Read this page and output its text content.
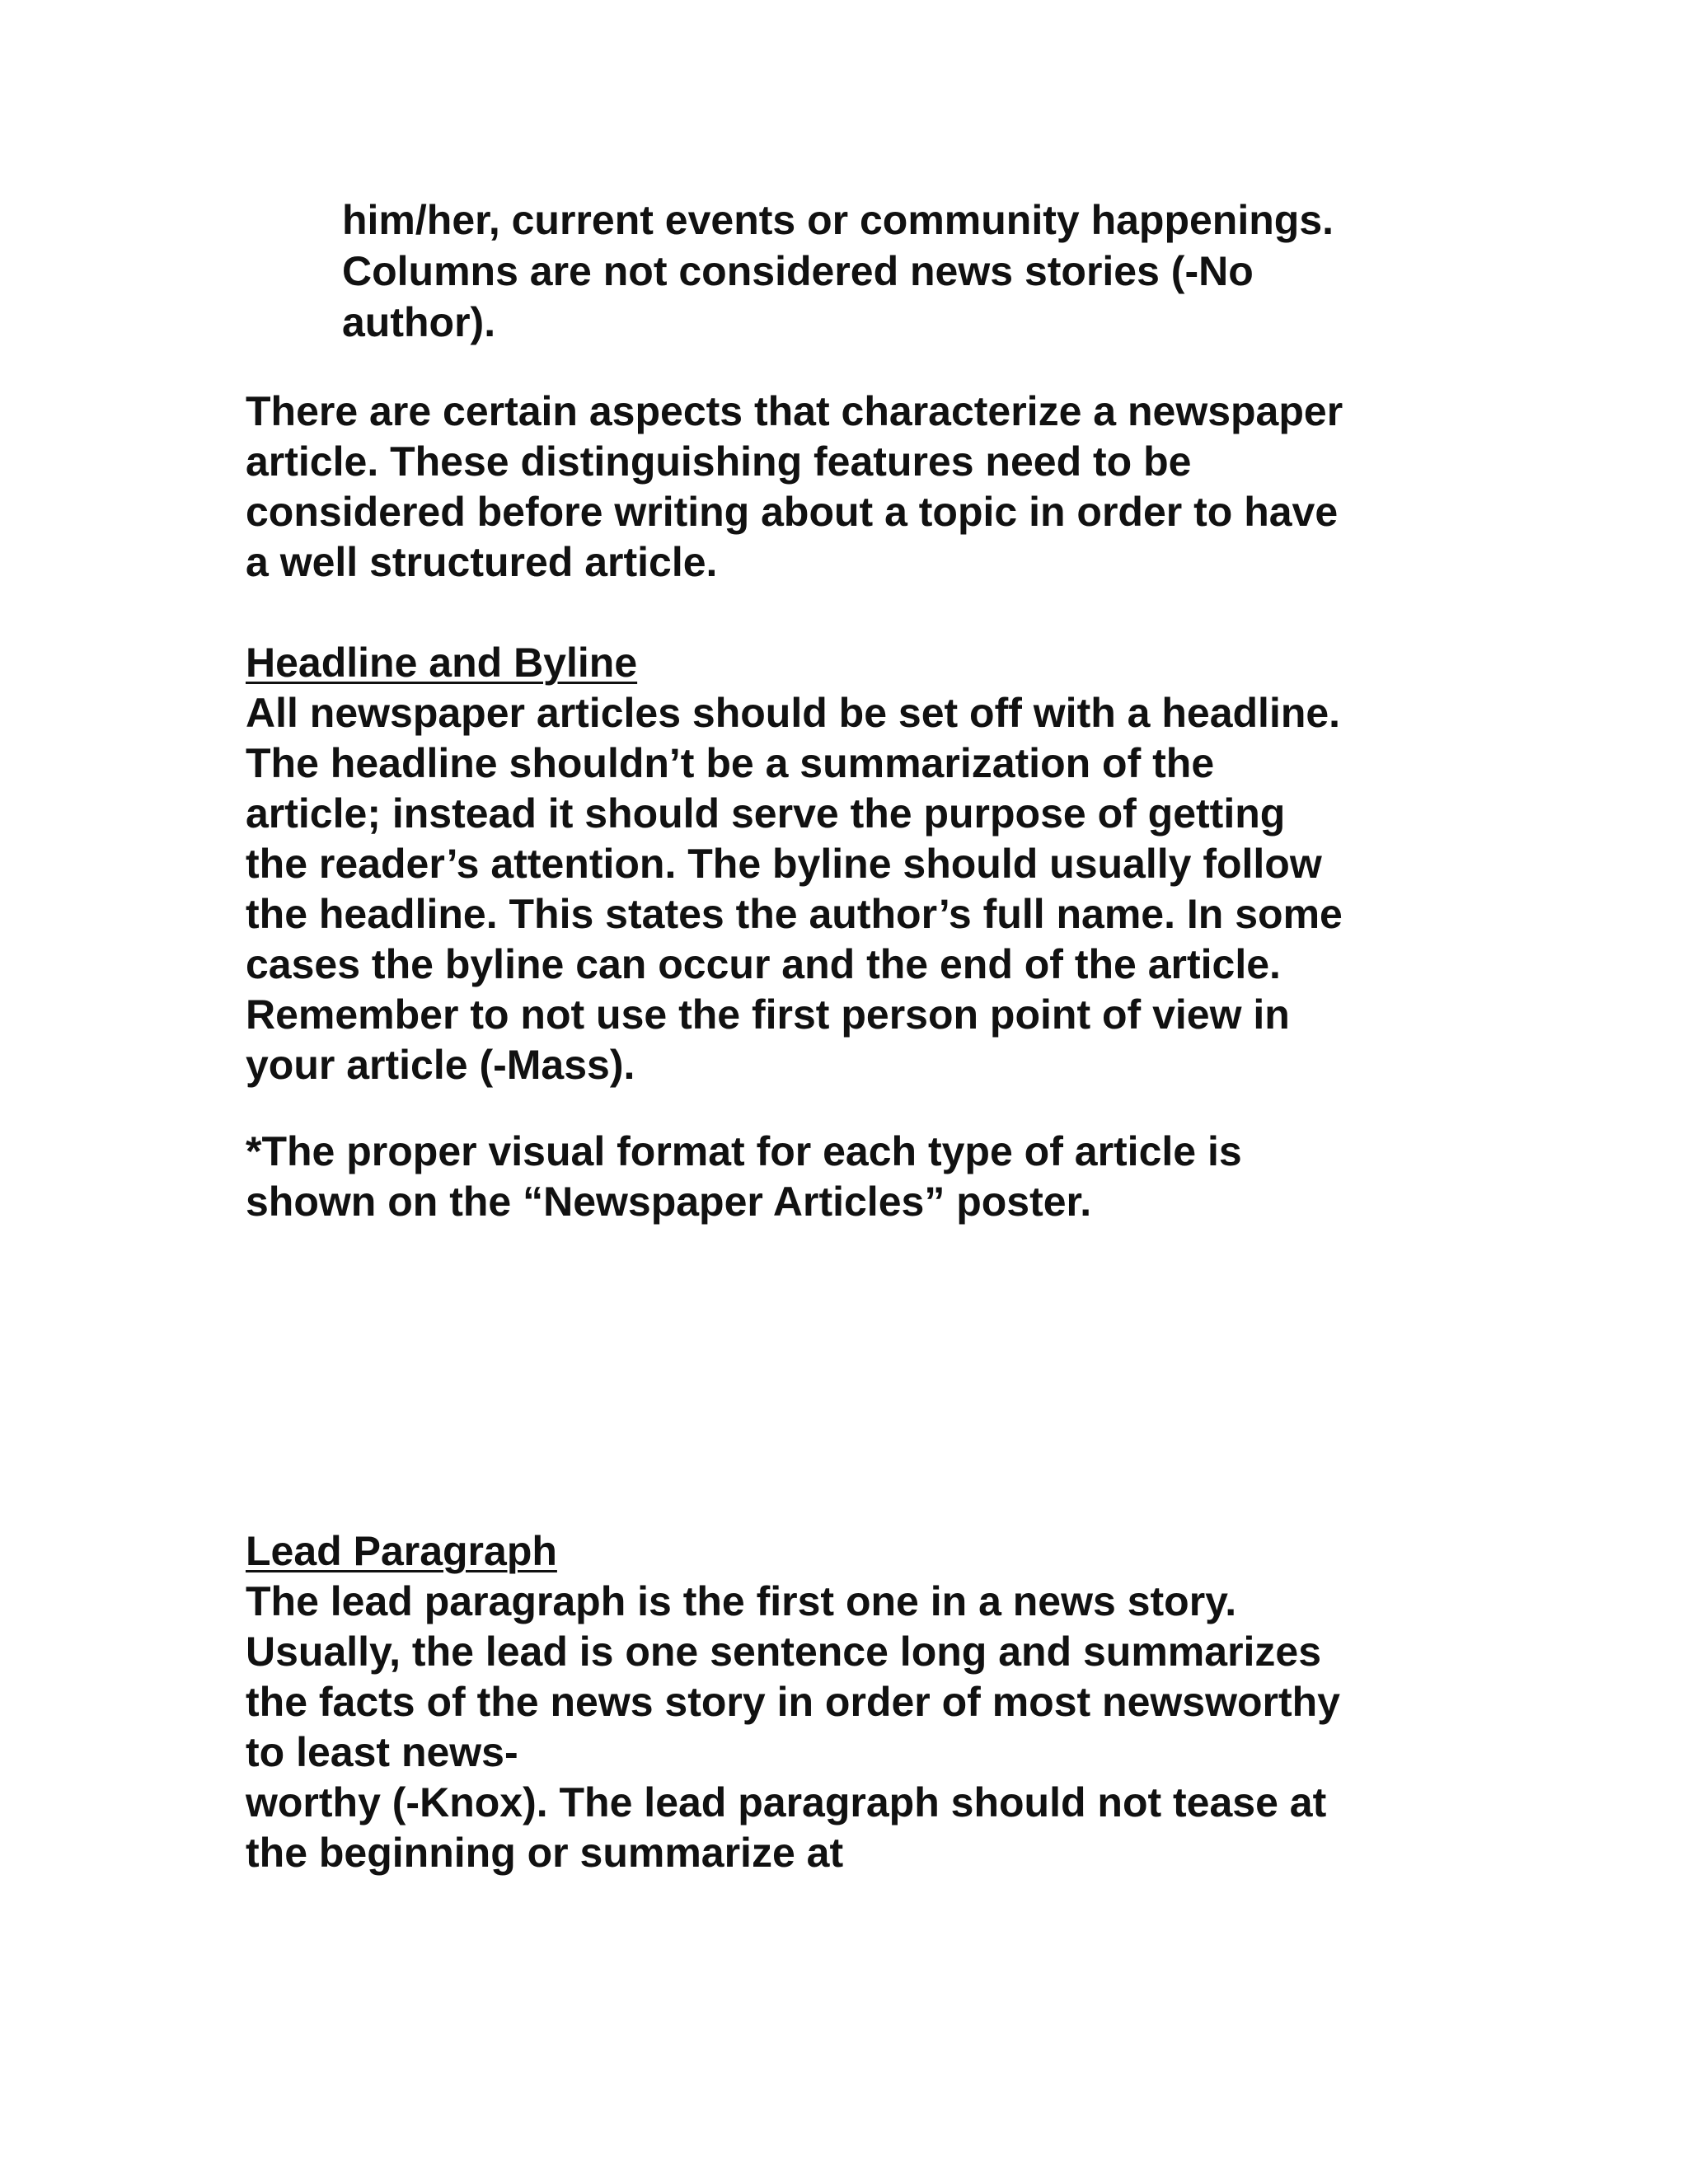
him/her, current events or community happenings.
Columns are not considered news stories (-No
author).
There are certain aspects that characterize a newspaper
article. These distinguishing features need to be
considered before writing about a topic in order to have
a well structured article.
Headline and Byline
All newspaper articles should be set off with a headline.
The headline shouldn’t be a summarization of the
article; instead it should serve the purpose of getting
the reader’s attention. The byline should usually follow
the headline. This states the author’s full name. In some
cases the byline can occur and the end of the article.
Remember to not use the first person point of view in
your article (-Mass).
*The proper visual format for each type of article is
shown on the “Newspaper Articles” poster.
Lead Paragraph
The lead paragraph is the first one in a news story.
Usually, the lead is one sentence long and summarizes
the facts of the news story in order of most newsworthy
to least news-
worthy (-Knox). The lead paragraph should not tease at
the beginning or summarize at
